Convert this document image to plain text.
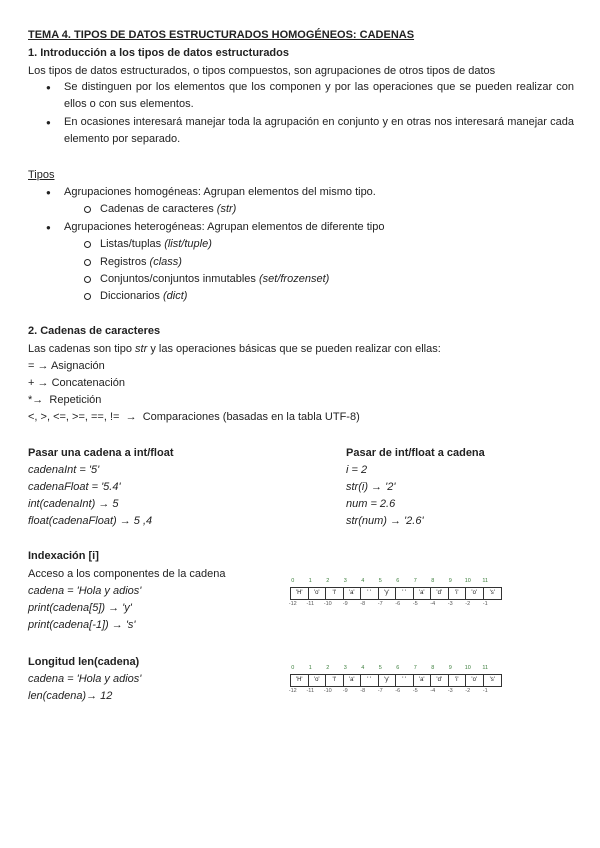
TEMA 4. TIPOS DE DATOS ESTRUCTURADOS HOMOGÉNEOS: CADENAS
1. Introducción a los tipos de datos estructurados
Los tipos de datos estructurados, o tipos compuestos, son agrupaciones de otros tipos de datos
● Se distinguen por los elementos que los componen y por las operaciones que se pueden realizar con ellos o con sus elementos.
● En ocasiones interesará manejar toda la agrupación en conjunto y en otras nos interesará manejar cada elemento por separado.
Tipos
● Agrupaciones homogéneas: Agrupan elementos del mismo tipo.
Cadenas de caracteres (str)
● Agrupaciones heterogéneas: Agrupan elementos de diferente tipo
Listas/tuplas (list/tuple)
Registros (class)
Conjuntos/conjuntos inmutables (set/frozenset)
Diccionarios (dict)
2. Cadenas de caracteres
Las cadenas son tipo str y las operaciones básicas que se pueden realizar con ellas:
= → Asignación
+ → Concatenación
*→ Repetición
<, >, <=, >=, ==, != → Comparaciones (basadas en la tabla UTF-8)
Pasar una cadena a int/float
cadenaInt = '5'
cadenaFloat = '5.4'
int(cadenaInt) → 5
float(cadenaFloat) → 5 ,4
Pasar de int/float a cadena
i = 2
str(i) → '2'
num = 2.6
str(num) → '2.6'
Indexación [i]
Acceso a los componentes de la cadena
cadena = 'Hola y adios'
print(cadena[5]) → 'y'
print(cadena[-1]) → 's'
0	1	2	3	4	5	6	7	8	9	10	11
'H'	'o'	'l'	'a'	' '	'y'	' '	'a'	'd'	'i'	'o'	's'
-12	-11	-10	-9	-8	-7	-6	-5	-4	-3	-2	-1
Longitud len(cadena)
cadena = 'Hola y adios'
len(cadena)→ 12
0	1	2	3	4	5	6	7	8	9	10	11
'H'	'o'	'l'	'a'	' '	'y'	' '	'a'	'd'	'i'	'o'	's'
-12	-11	-10	-9	-8	-7	-6	-5	-4	-3	-2	-1
